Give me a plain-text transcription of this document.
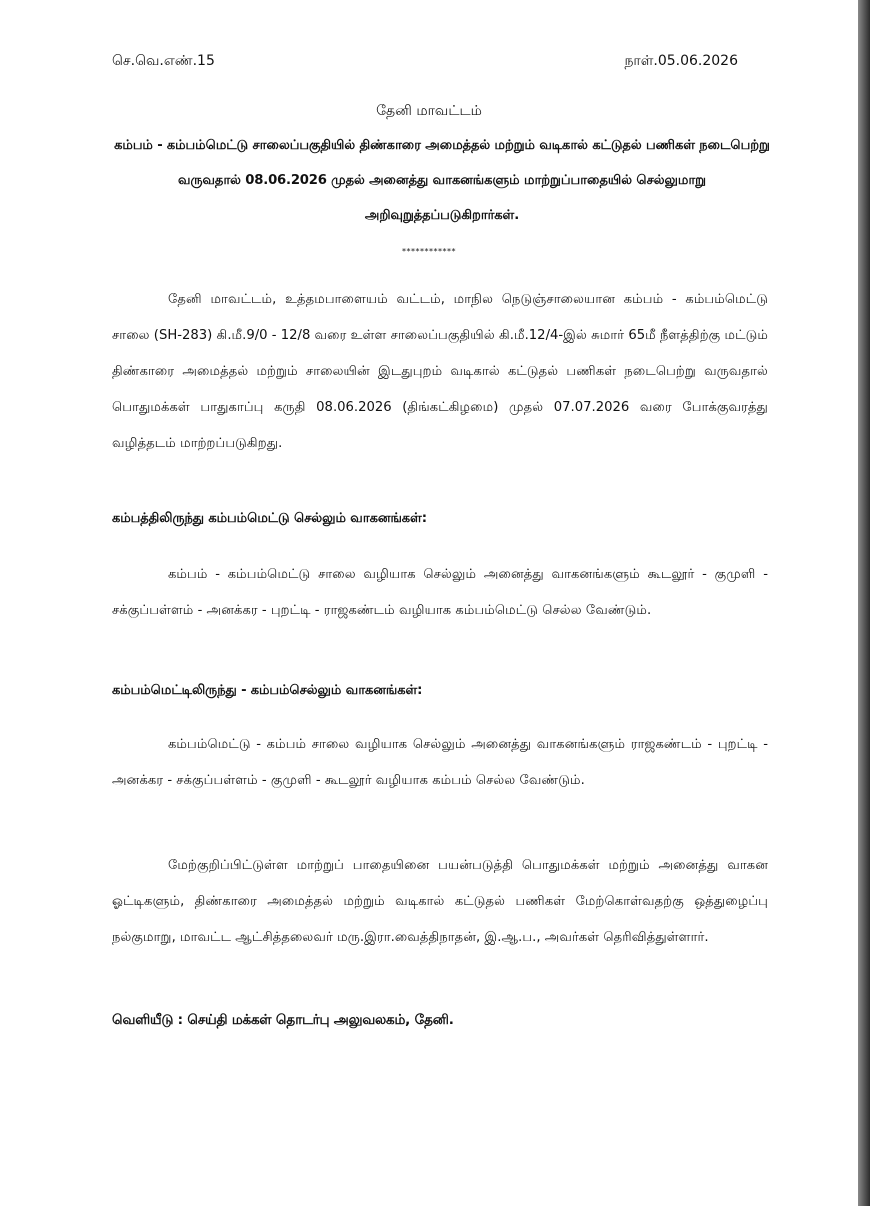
செ.வெ.எண்.15	நாள்.05.06.2026
தேனி மாவட்டம்
கம்பம் - கம்பம்மெட்டு சாலைப்பகுதியில் திண்காரை அமைத்தல் மற்றும் வடிகால் கட்டுதல் பணிகள் நடைபெற்று வருவதால் 08.06.2026 முதல் அனைத்து வாகனங்களும் மாற்றுப்பாதையில் செல்லுமாறு அறிவுறுத்தப்படுகிறார்கள்.
************
தேனி மாவட்டம், உத்தமபாளையம் வட்டம், மாநில நெடுஞ்சாலையான கம்பம் - கம்பம்மெட்டு சாலை (SH-283) கி.மீ.9/0 - 12/8 வரை உள்ள சாலைப்பகுதியில் கி.மீ.12/4-இல் சுமார் 65மீ நீளத்திற்கு மட்டும் திண்காரை அமைத்தல் மற்றும் சாலையின் இடதுபுறம் வடிகால் கட்டுதல் பணிகள் நடைபெற்று வருவதால் பொதுமக்கள் பாதுகாப்பு கருதி 08.06.2026 (திங்கட்கிழமை) முதல் 07.07.2026 வரை போக்குவரத்து வழித்தடம் மாற்றப்படுகிறது.
கம்பத்திலிருந்து கம்பம்மெட்டு செல்லும் வாகனங்கள்:
கம்பம் - கம்பம்மெட்டு சாலை வழியாக செல்லும் அனைத்து வாகனங்களும் கூடலூர் - குமுளி - சக்குப்பள்ளம் - அனக்கர - புறட்டி - ராஜகண்டம் வழியாக கம்பம்மெட்டு செல்ல வேண்டும்.
கம்பம்மெட்டிலிருந்து - கம்பம்செல்லும் வாகனங்கள்:
கம்பம்மெட்டு - கம்பம் சாலை வழியாக செல்லும் அனைத்து வாகனங்களும் ராஜகண்டம் - புறட்டி - அனக்கர - சக்குப்பள்ளம் - குமுளி - கூடலூர் வழியாக கம்பம் செல்ல வேண்டும்.
மேற்குறிப்பிட்டுள்ள மாற்றுப் பாதையினை பயன்படுத்தி பொதுமக்கள் மற்றும் அனைத்து வாகன ஓட்டிகளும், திண்காரை அமைத்தல் மற்றும் வடிகால் கட்டுதல் பணிகள் மேற்கொள்வதற்கு ஒத்துழைப்பு நல்குமாறு, மாவட்ட ஆட்சித்தலைவர் மரு.இரா.வைத்திநாதன், இ.ஆ.ப., அவர்கள் தெரிவித்துள்ளார்.
வெளியீடு : செய்தி மக்கள் தொடர்பு அலுவலகம், தேனி.
